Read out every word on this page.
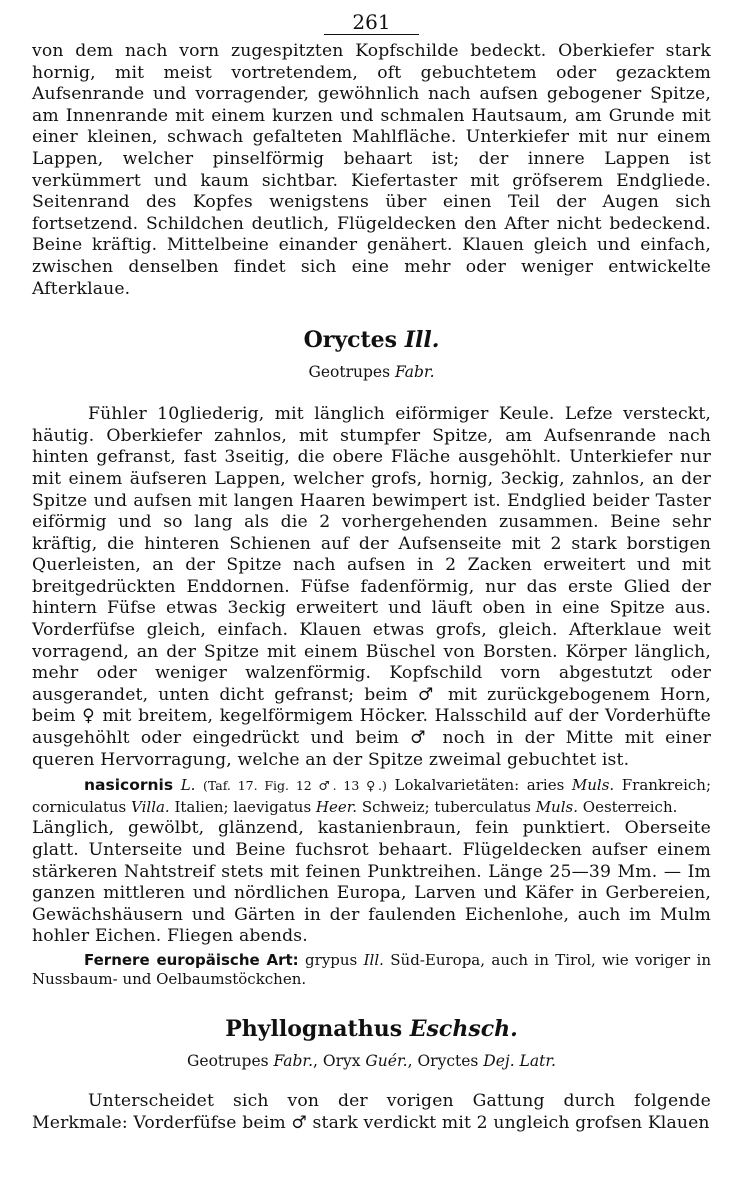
261

von dem nach vorn zugespitzten Kopfschilde bedeckt. Oberkiefer stark hornig, mit meist vortretendem, oft gebuchtetem oder gezacktem Aufsenrande und vorragender, gewöhnlich nach aufsen gebogener Spitze, am Innenrande mit einem kurzen und schmalen Hautsaum, am Grunde mit einer kleinen, schwach gefalteten Mahlfläche. Unterkiefer mit nur einem Lappen, welcher pinselförmig behaart ist; der innere Lappen ist verkümmert und kaum sichtbar. Kiefertaster mit gröfserem Endgliede. Seitenrand des Kopfes wenigstens über einen Teil der Augen sich fortsetzend. Schildchen deutlich, Flügeldecken den After nicht bedeckend. Beine kräftig. Mittelbeine einander genähert. Klauen gleich und einfach, zwischen denselben findet sich eine mehr oder weniger entwickelte Afterklaue.

Oryctes Ill.

Geotrupes Fabr.

Fühler 10gliederig, mit länglich eiförmiger Keule. Lefze versteckt, häutig. Oberkiefer zahnlos, mit stumpfer Spitze, am Aufsenrande nach hinten gefranst, fast 3seitig, die obere Fläche ausgehöhlt. Unterkiefer nur mit einem äufseren Lappen, welcher grofs, hornig, 3eckig, zahnlos, an der Spitze und aufsen mit langen Haaren bewimpert ist. Endglied beider Taster eiförmig und so lang als die 2 vorhergehenden zusammen. Beine sehr kräftig, die hinteren Schienen auf der Aufsenseite mit 2 stark borstigen Querleisten, an der Spitze nach aufsen in 2 Zacken erweitert und mit breitgedrückten Enddornen. Füfse fadenförmig, nur das erste Glied der hintern Füfse etwas 3eckig erweitert und läuft oben in eine Spitze aus. Vorderfüfse gleich, einfach. Klauen etwas grofs, gleich. Afterklaue weit vorragend, an der Spitze mit einem Büschel von Borsten. Körper länglich, mehr oder weniger walzenförmig. Kopfschild vorn abgestutzt oder ausgerandet, unten dicht gefranst; beim ♂ mit zurückgebogenem Horn, beim ♀ mit breitem, kegelförmigem Höcker. Halsschild auf der Vorderhüfte ausgehöhlt oder eingedrückt und beim ♂ noch in der Mitte mit einer queren Hervorragung, welche an der Spitze zweimal gebuchtet ist.

nasicornis L. (Taf. 17. Fig. 12 ♂. 13 ♀.) Lokalvarietäten: aries Muls. Frankreich; corniculatus Villa. Italien; laevigatus Heer. Schweiz; tuberculatus Muls. Oesterreich.

Länglich, gewölbt, glänzend, kastanienbraun, fein punktiert. Oberseite glatt. Unterseite und Beine fuchsrot behaart. Flügeldecken aufser einem stärkeren Nahtstreif stets mit feinen Punktreihen. Länge 25—39 Mm. — Im ganzen mittleren und nördlichen Europa, Larven und Käfer in Gerbereien, Gewächshäusern und Gärten in der faulenden Eichenlohe, auch im Mulm hohler Eichen. Fliegen abends.

Fernere europäische Art: grypus Ill. Süd-Europa, auch in Tirol, wie voriger in Nussbaum- und Oelbaumstöckchen.

Phyllognathus Eschsch.

Geotrupes Fabr., Oryx Guér., Oryctes Dej. Latr.

Unterscheidet sich von der vorigen Gattung durch folgende Merkmale: Vorderfüfse beim ♂ stark verdickt mit 2 ungleich grofsen Klauen
